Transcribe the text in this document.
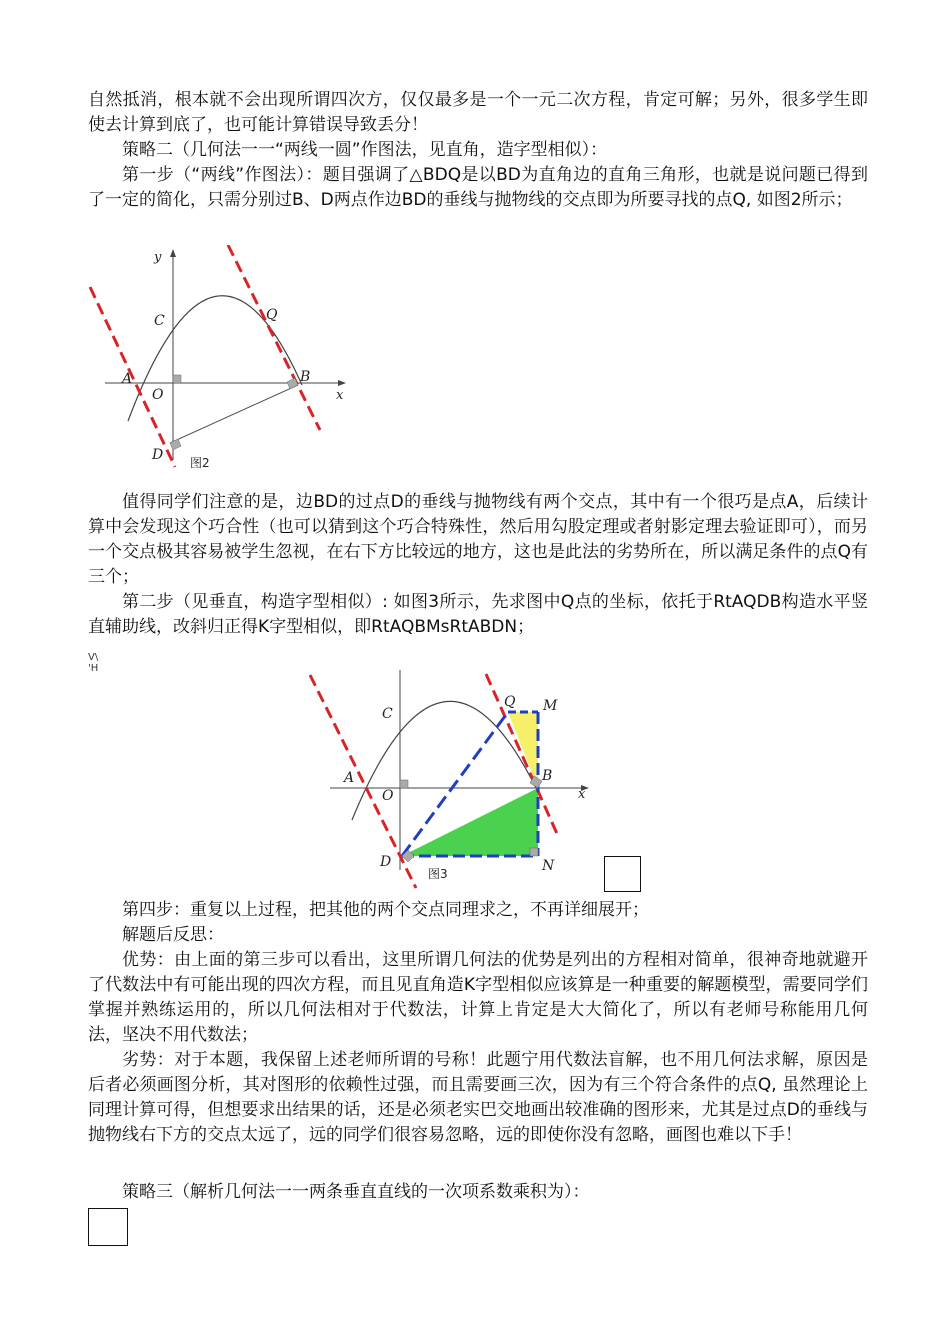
自然抵消，根本就不会出现所谓四次方，仅仅最多是一个一元二次方程，肯定可解；另外，很多学生即使去计算到底了，也可能计算错误导致丢分！
策略二（几何法一一“两线一圆”作图法，见直角，造字型相似）：
第一步（“两线”作图法）：题目强调了△BDQ是以BD为直角边的直角三角形，也就是说问题已得到了一定的简化，只需分别过B、D两点作边BD的垂线与抛物线的交点即为所要寻找的点Q, 如图2所示；
y
x
C	Q
A
O
B
D 图2
值得同学们注意的是，边BD的过点D的垂线与抛物线有两个交点，其中有一个很巧是点A，后续计算中会发现这个巧合性（也可以猜到这个巧合特殊性，然后用勾股定理或者射影定理去验证即可），而另一个交点极其容易被学生忽视，在右下方比较远的地方，这也是此法的劣势所在，所以满足条件的点Q有三个；
第二步（见垂直，构造字型相似）: 如图3所示，先求图中Q点的坐标，依托于RtAQDB构造水平竖直辅助线，改斜归正得K字型相似，即RtAQBMsRtABDN；
V\
'H
C
Q M
A
O
B
x
D	N
图3
第四步：重复以上过程，把其他的两个交点同理求之，不再详细展开；
解题后反思：
优势：由上面的第三步可以看出，这里所谓几何法的优势是列出的方程相对简单，很神奇地就避开了代数法中有可能出现的四次方程，而且见直角造K字型相似应该算是一种重要的解题模型，需要同学们掌握并熟练运用的，所以几何法相对于代数法，计算上肯定是大大简化了，所以有老师号称能用几何法，坚决不用代数法；
劣势：对于本题，我保留上述老师所谓的号称！此题宁用代数法盲解，也不用几何法求解，原因是后者必须画图分析，其对图形的依赖性过强，而且需要画三次，因为有三个符合条件的点Q, 虽然理论上同理计算可得，但想要求出结果的话，还是必须老实巴交地画出较准确的图形来，尤其是过点D的垂线与抛物线右下方的交点太远了，远的同学们很容易忽略，远的即使你没有忽略，画图也难以下手！
策略三（解析几何法一一两条垂直直线的一次项系数乘积为）：
